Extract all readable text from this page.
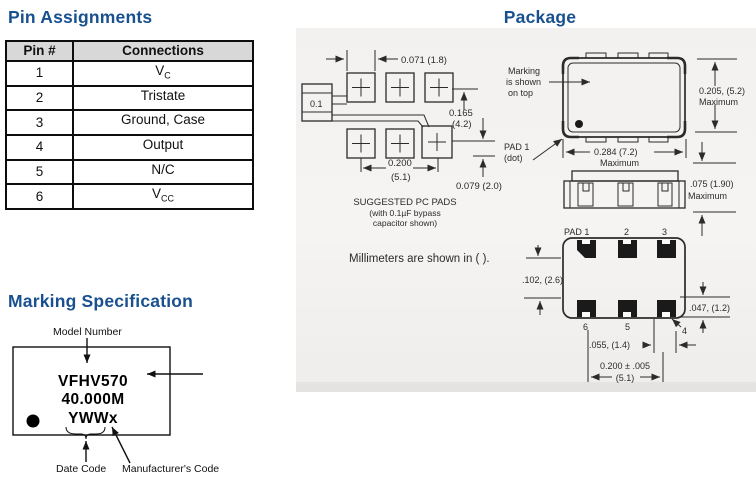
Pin Assignments	Package
Marking Specification
Pin #	Connections
1	$V_C$
2	Tristate
3	Ground, Case
4	Output
5	N/C
6	$V_{CC}$
0.1
0.071 (1.8)
0.165
(4.2)
0.079 (2.0)
0.200
(5.1)
SUGGESTED PC PADS
(with 0.1µF bypass
capacitor shown)
Marking
is shown
on top
PAD 1
(dot)
0.205, (5.2)
Maximum
0.284 (7.2)
Maximum
.075 (1.90)
Maximum
Millimeters are shown in ( ).
PAD 1	2	3
6	5	4
.102, (2.6)
.047, (1.2)
.055, (1.4)
0.200 ± .005
(5.1)
Model Number
VFHV570
40.000M
YWWx
Date Code Manufacturer's Code
